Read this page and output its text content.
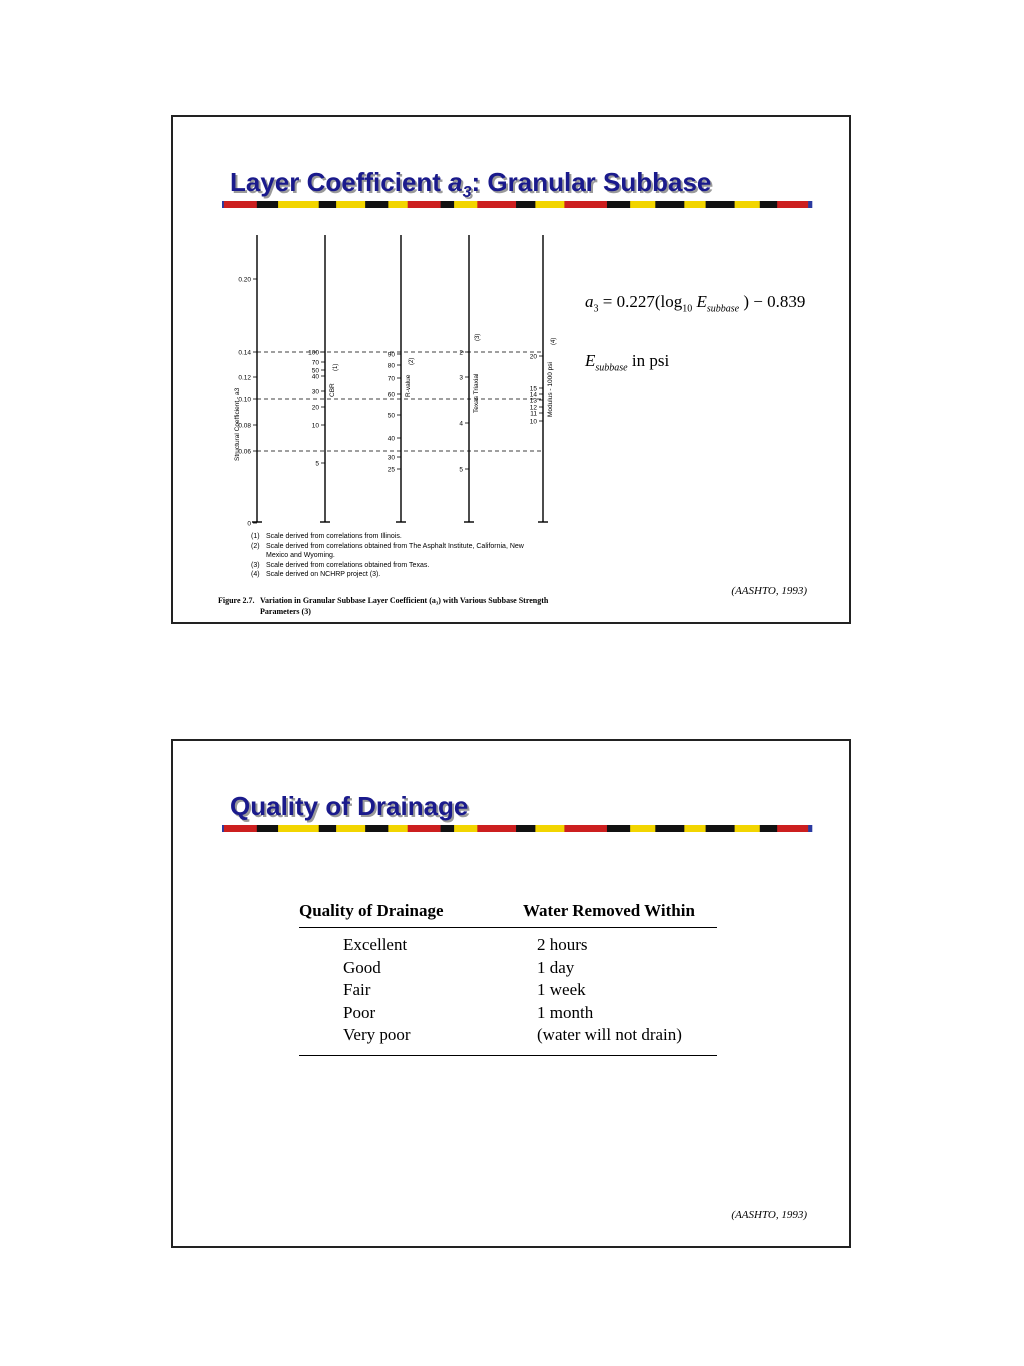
Layer Coefficient $a_3$: Granular Subbase
0.20
0.14
0.12
0.10
0.08
0.06
0
Structural Coefficient - a3
100
70
50
40
30
20
10
5
CBR
(1)
90
80
70
60
50
40
30
25
R-value
(2)
2
3
4
5
Texas Triaxial
(3)
20
15
14
13
12
11
10
Modulus - 1000 psi
(4)
$a_3 = 0.227(\log_{10}$ $E_{subbase}$ ) − 0.839
$E_{subbase}$ in psi
(1) Scale derived from correlations from Illinois.
(2) Scale derived from correlations obtained from The Asphalt Institute, California, New
Mexico and Wyoming.
(3) Scale derived from correlations obtained from Texas.
(4) Scale derived on NCHRP project (3).
Figure 2.7. Variation in Granular Subbase Layer Coefficient (a₃) with Various Subbase Strength
Parameters (3)
(AASHTO, 1993)
Quality of Drainage
Quality of Drainage	Water Removed Within
Excellent	2 hours
Good	1 day
Fair	1 week
Poor	1 month
Very poor	(water will not drain)
(AASHTO, 1993)
